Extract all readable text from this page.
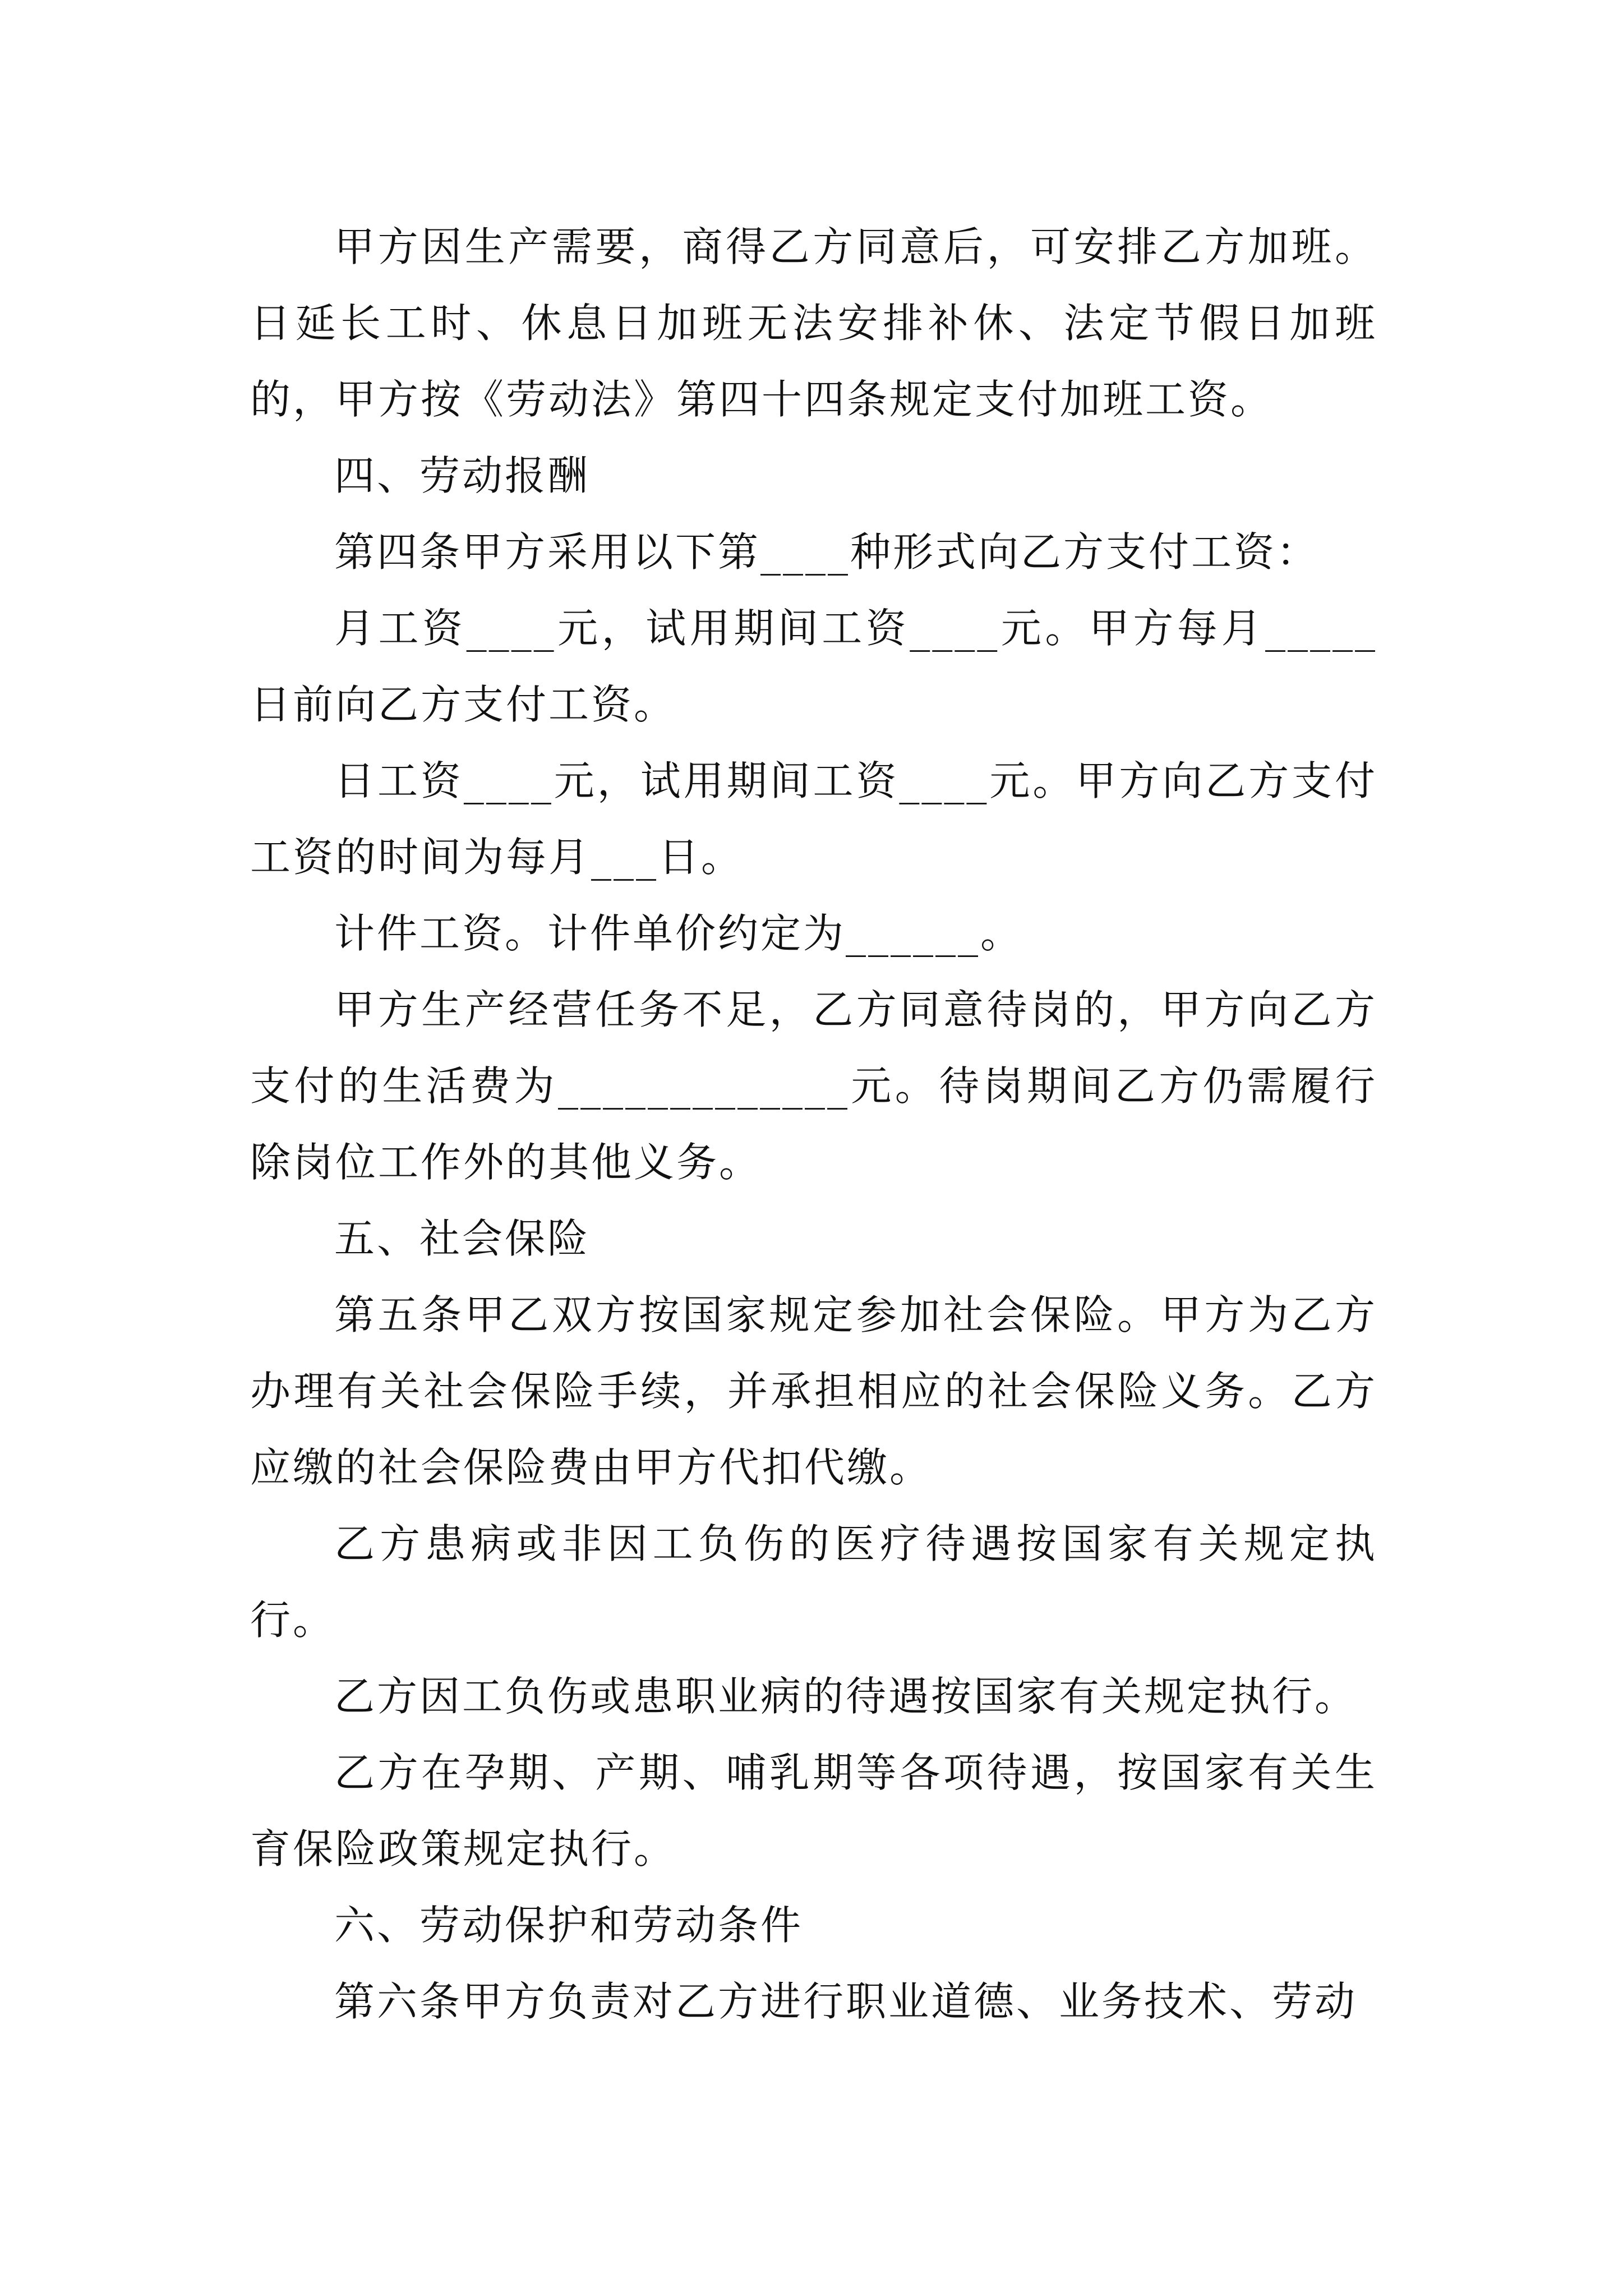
甲方因生产需要，商得乙方同意后，可安排乙方加班。日延长工时、休息日加班无法安排补休、法定节假日加班的，甲方按《劳动法》第四十四条规定支付加班工资。

四、劳动报酬

第四条甲方采用以下第____种形式向乙方支付工资：

月工资____元，试用期间工资____元。甲方每月_____日前向乙方支付工资。

日工资____元，试用期间工资____元。甲方向乙方支付工资的时间为每月___日。

计件工资。计件单价约定为______。

甲方生产经营任务不足，乙方同意待岗的，甲方向乙方支付的生活费为_____________元。待岗期间乙方仍需履行除岗位工作外的其他义务。

五、社会保险

第五条甲乙双方按国家规定参加社会保险。甲方为乙方办理有关社会保险手续，并承担相应的社会保险义务。乙方应缴的社会保险费由甲方代扣代缴。

乙方患病或非因工负伤的医疗待遇按国家有关规定执行。

乙方因工负伤或患职业病的待遇按国家有关规定执行。

乙方在孕期、产期、哺乳期等各项待遇，按国家有关生育保险政策规定执行。

六、劳动保护和劳动条件

第六条甲方负责对乙方进行职业道德、业务技术、劳动
